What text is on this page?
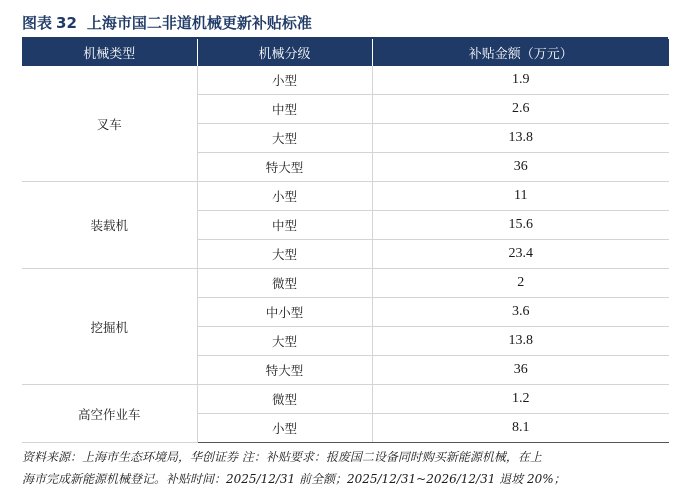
图表 32 上海市国二非道机械更新补贴标准
机械类型	机械分级	补贴金额（万元）
叉车	小型	1.9
	中型	2.6
	大型	13.8
	特大型	36
装载机	小型	11
	中型	15.6
	大型	23.4
挖掘机	微型	2
	中小型	3.6
	大型	13.8
	特大型	36
高空作业车	微型	1.2
	小型	8.1
资料来源：上海市生态环境局，华创证券 注：补贴要求：报废国二设备同时购买新能源机械，在上
海市完成新能源机械登记。补贴时间：2025/12/31 前全额；2025/12/31~2026/12/31 退坡 20%；
